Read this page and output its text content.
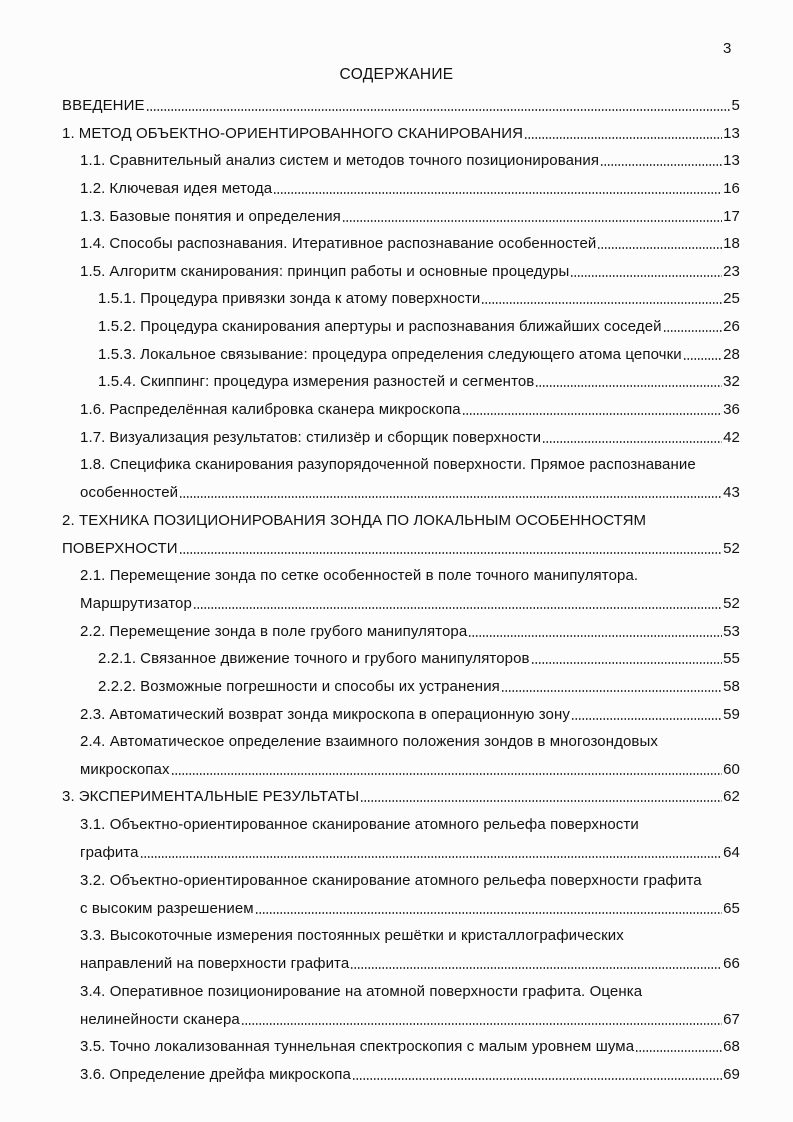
3
СОДЕРЖАНИЕ
ВВЕДЕНИЕ	5
1. МЕТОД ОБЪЕКТНО-ОРИЕНТИРОВАННОГО СКАНИРОВАНИЯ	13
1.1. Сравнительный анализ систем и методов точного позиционирования	13
1.2. Ключевая идея метода	16
1.3. Базовые понятия и определения	17
1.4. Способы распознавания. Итеративное распознавание особенностей	18
1.5. Алгоритм сканирования: принцип работы и основные процедуры	23
1.5.1. Процедура привязки зонда к атому поверхности	25
1.5.2. Процедура сканирования апертуры и распознавания ближайших соседей	26
1.5.3. Локальное связывание: процедура определения следующего атома цепочки	28
1.5.4. Скиппинг: процедура измерения разностей и сегментов	32
1.6. Распределённая калибровка сканера микроскопа	36
1.7. Визуализация результатов: стилизёр и сборщик поверхности	42
1.8. Специфика сканирования разупорядоченной поверхности. Прямое распознавание
особенностей	43
2. ТЕХНИКА ПОЗИЦИОНИРОВАНИЯ ЗОНДА ПО ЛОКАЛЬНЫМ ОСОБЕННОСТЯМ
ПОВЕРХНОСТИ	52
2.1. Перемещение зонда по сетке особенностей в поле точного манипулятора.
Маршрутизатор	52
2.2. Перемещение зонда в поле грубого манипулятора	53
2.2.1. Связанное движение точного и грубого манипуляторов	55
2.2.2. Возможные погрешности и способы их устранения	58
2.3. Автоматический возврат зонда микроскопа в операционную зону	59
2.4. Автоматическое определение взаимного положения зондов в многозондовых
микроскопах	60
3. ЭКСПЕРИМЕНТАЛЬНЫЕ РЕЗУЛЬТАТЫ	62
3.1. Объектно-ориентированное сканирование атомного рельефа поверхности
графита	64
3.2. Объектно-ориентированное сканирование атомного рельефа поверхности графита
с высоким разрешением	65
3.3. Высокоточные измерения постоянных решётки и кристаллографических
направлений на поверхности графита	66
3.4. Оперативное позиционирование на атомной поверхности графита. Оценка
нелинейности сканера	67
3.5. Точно локализованная туннельная спектроскопия с малым уровнем шума	68
3.6. Определение дрейфа микроскопа	69
